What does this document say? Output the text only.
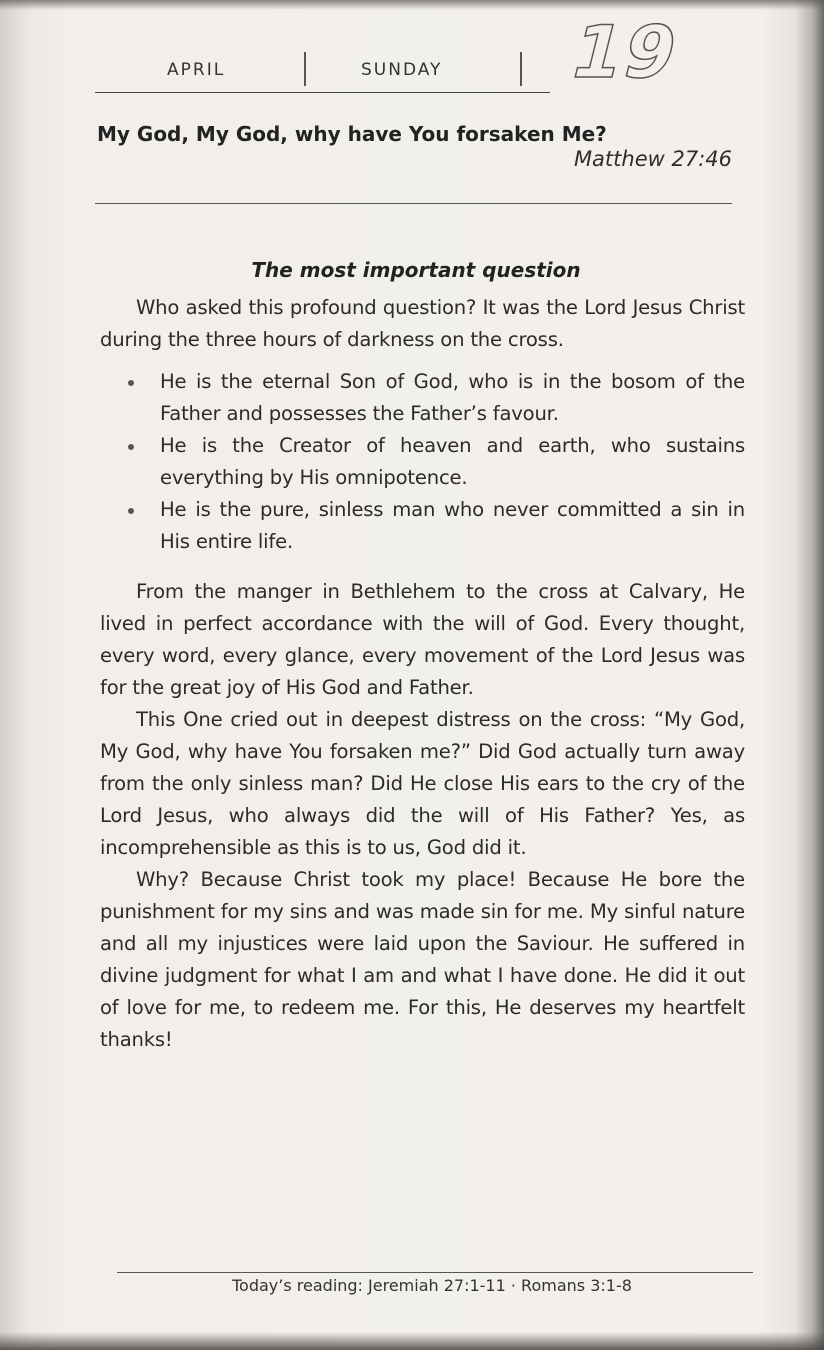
APRIL	SUNDAY 19
My God, My God, why have You forsaken Me?
Matthew 27:46
The most important question

Who asked this profound question? It was the Lord Jesus Christ during the three hours of darkness on the cross.

He is the eternal Son of God, who is in the bosom of the Father and possesses the Father’s favour.
He is the Creator of heaven and earth, who sustains everything by His omnipotence.
He is the pure, sinless man who never committed a sin in His entire life.

From the manger in Bethlehem to the cross at Calvary, He lived in perfect accordance with the will of God. Every thought, every word, every glance, every movement of the Lord Jesus was for the great joy of His God and Father.

This One cried out in deepest distress on the cross: “My God, My God, why have You forsaken me?” Did God actually turn away from the only sinless man? Did He close His ears to the cry of the Lord Jesus, who always did the will of His Father? Yes, as incomprehensible as this is to us, God did it.

Why? Because Christ took my place! Because He bore the punishment for my sins and was made sin for me. My sinful nature and all my injustices were laid upon the Saviour. He suffered in divine judgment for what I am and what I have done. He did it out of love for me, to redeem me. For this, He deserves my heartfelt thanks!

Today’s reading: Jeremiah 27:1-11 · Romans 3:1-8
